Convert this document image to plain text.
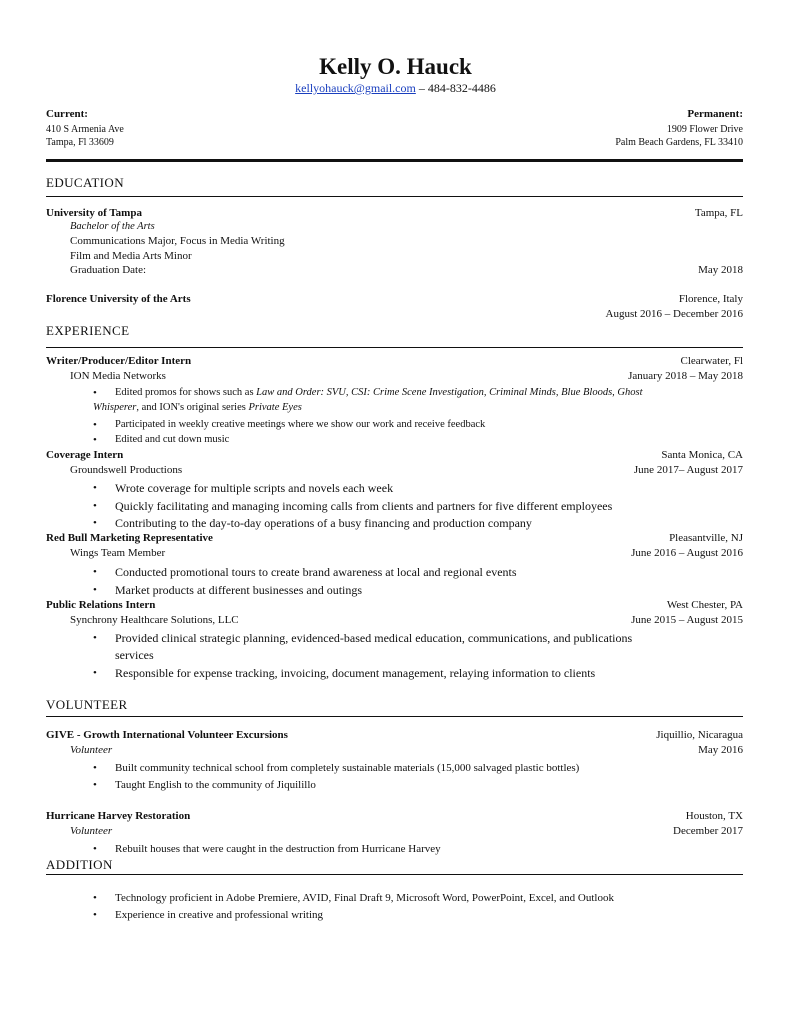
Kelly O. Hauck
kellyohauck@gmail.com – 484-832-4486
Current:
410 S Armenia Ave
Tampa, Fl 33609
Permanent:
1909 Flower Drive
Palm Beach Gardens, FL 33410
EDUCATION
University of Tampa	Tampa, FL
Bachelor of the Arts
Communications Major, Focus in Media Writing
Film and Media Arts Minor
Graduation Date:	May 2018
Florence University of the Arts	Florence, Italy
August 2016 – December 2016
EXPERIENCE
Writer/Producer/Editor Intern	Clearwater, Fl
ION Media Networks	January 2018 – May 2018
• Edited promos for shows such as Law and Order: SVU, CSI: Crime Scene Investigation, Criminal Minds, Blue Bloods, Ghost
Whisperer, and ION's original series Private Eyes
• Participated in weekly creative meetings where we show our work and receive feedback
• Edited and cut down music
Coverage Intern	Santa Monica, CA
Groundswell Productions	June 2017– August 2017
• Wrote coverage for multiple scripts and novels each week
• Quickly facilitating and managing incoming calls from clients and partners for five different employees
• Contributing to the day-to-day operations of a busy financing and production company
Red Bull Marketing Representative	Pleasantville, NJ
Wings Team Member	June 2016 – August 2016
• Conducted promotional tours to create brand awareness at local and regional events
• Market products at different businesses and outings
Public Relations Intern	West Chester, PA
Synchrony Healthcare Solutions, LLC	June 2015 – August 2015
• Provided clinical strategic planning, evidenced-based medical education, communications, and publications
services
• Responsible for expense tracking, invoicing, document management, relaying information to clients
VOLUNTEER
GIVE - Growth International Volunteer Excursions	Jiquillio, Nicaragua
Volunteer	May 2016
• Built community technical school from completely sustainable materials (15,000 salvaged plastic bottles)
• Taught English to the community of Jiquilillo
Hurricane Harvey Restoration	Houston, TX
Volunteer	December 2017
• Rebuilt houses that were caught in the destruction from Hurricane Harvey
ADDITION
• Technology proficient in Adobe Premiere, AVID, Final Draft 9, Microsoft Word, PowerPoint, Excel, and Outlook
• Experience in creative and professional writing
